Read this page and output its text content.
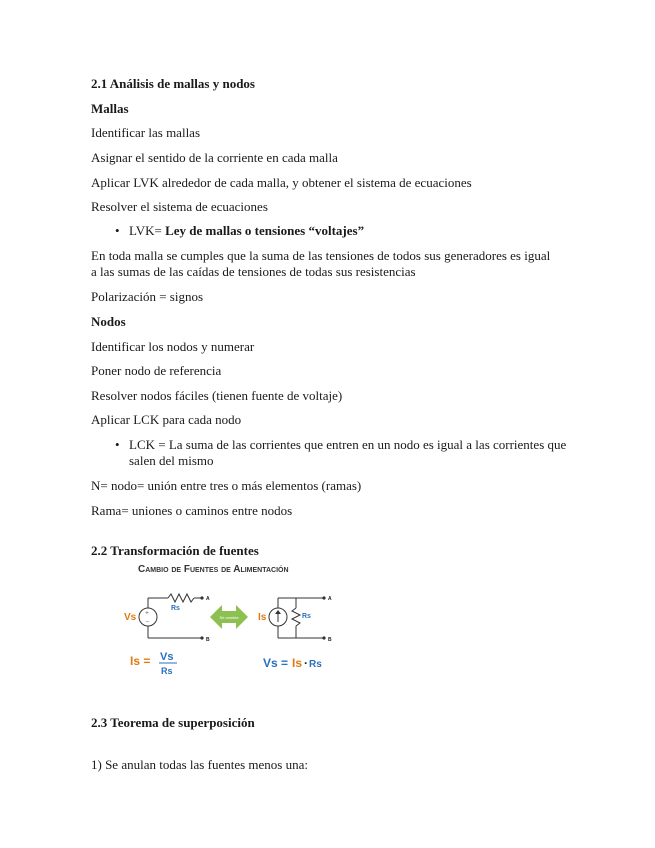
2.1 Análisis de mallas y nodos
Mallas
Identificar las mallas
Asignar el sentido de la corriente en cada malla
Aplicar LVK alrededor de cada malla, y obtener el sistema de ecuaciones
Resolver el sistema de ecuaciones
• LVK= Ley de mallas o tensiones “voltajes”
En toda malla se cumples que la suma de las tensiones de todos sus generadores es igual a las sumas de las caídas de tensiones de todas sus resistencias
Polarización = signos
Nodos
Identificar los nodos y numerar
Poner nodo de referencia
Resolver nodos fáciles (tienen fuente de voltaje)
Aplicar LCK para cada nodo
• LCK = La suma de las corrientes que entren en un nodo es igual a las corrientes que salen del mismo
N= nodo= unión entre tres o más elementos (ramas)
Rama= uniones o caminos entre nodos
2.2 Transformación de fuentes
Cambio de Fuentes de Alimentación
+
−
Vs
Rs
A
B
Se cambia Is	Rs
A
B
Is = Vs
Rs
Vs = Is · Rs
2.3 Teorema de superposición
1) Se anulan todas las fuentes menos una:
